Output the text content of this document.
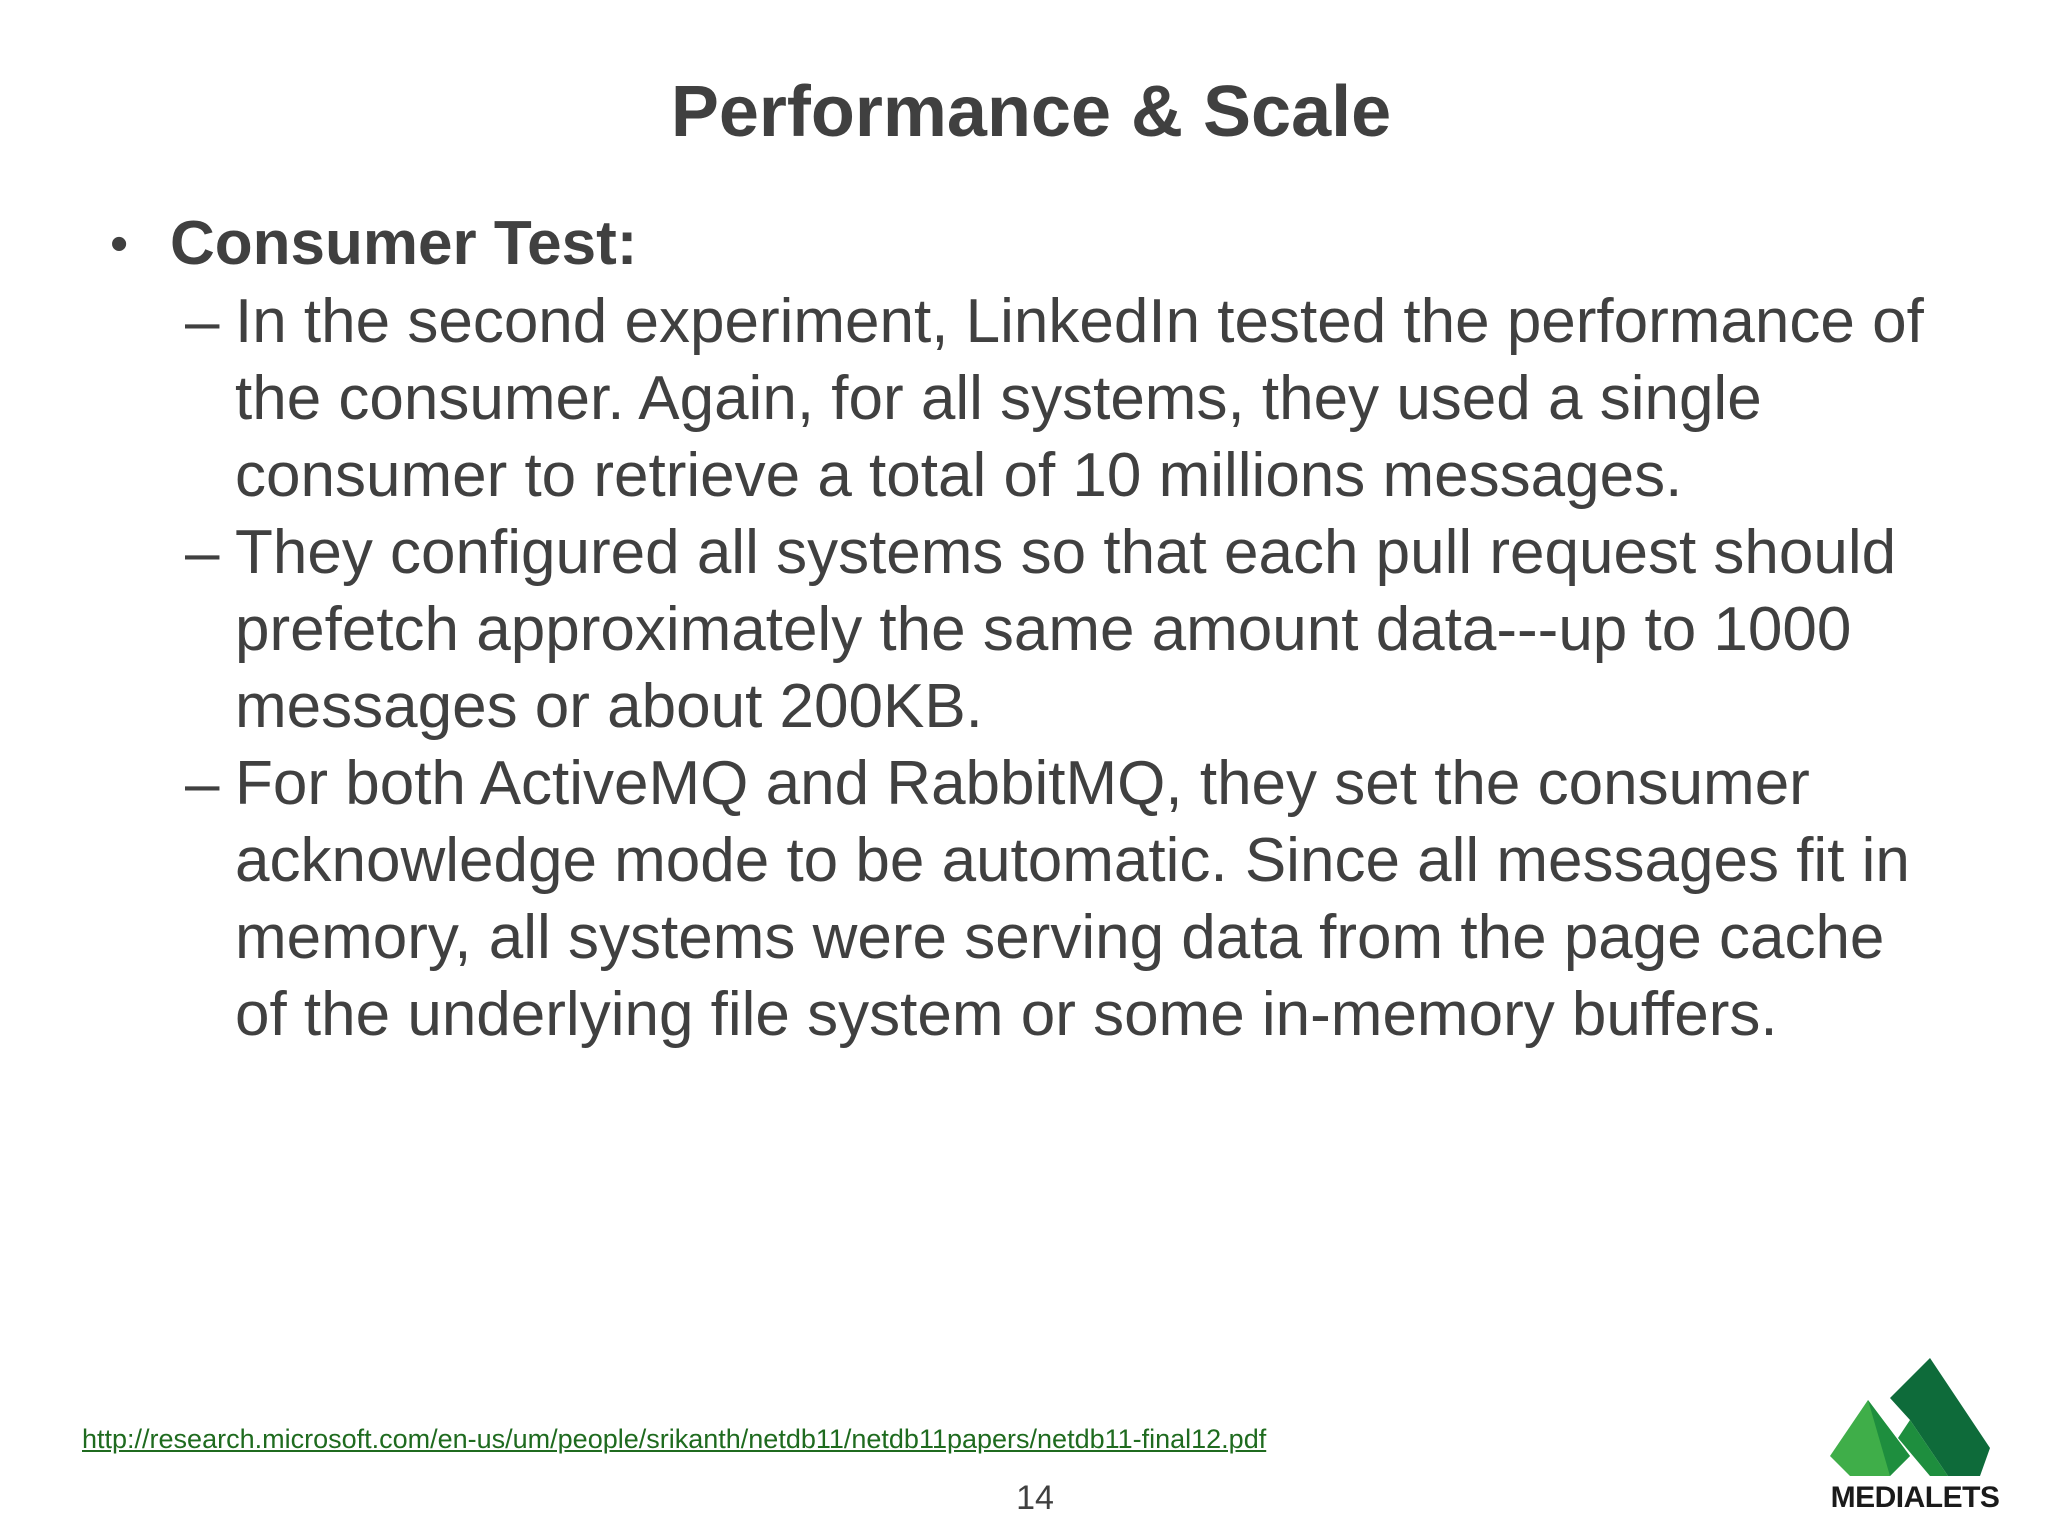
Performance & Scale
• Consumer Test:
– In the second experiment, LinkedIn tested the performance of the consumer. Again, for all systems, they used a single consumer to retrieve a total of 10 millions messages.
– They configured all systems so that each pull request should prefetch approximately the same amount data---up to 1000 messages or about 200KB.
– For both ActiveMQ and RabbitMQ, they set the consumer acknowledge mode to be automatic. Since all messages fit in memory, all systems were serving data from the page cache of the underlying file system or some in-memory buffers.
http://research.microsoft.com/en-us/um/people/srikanth/netdb11/netdb11papers/netdb11-final12.pdf
14	MEDIALETS
